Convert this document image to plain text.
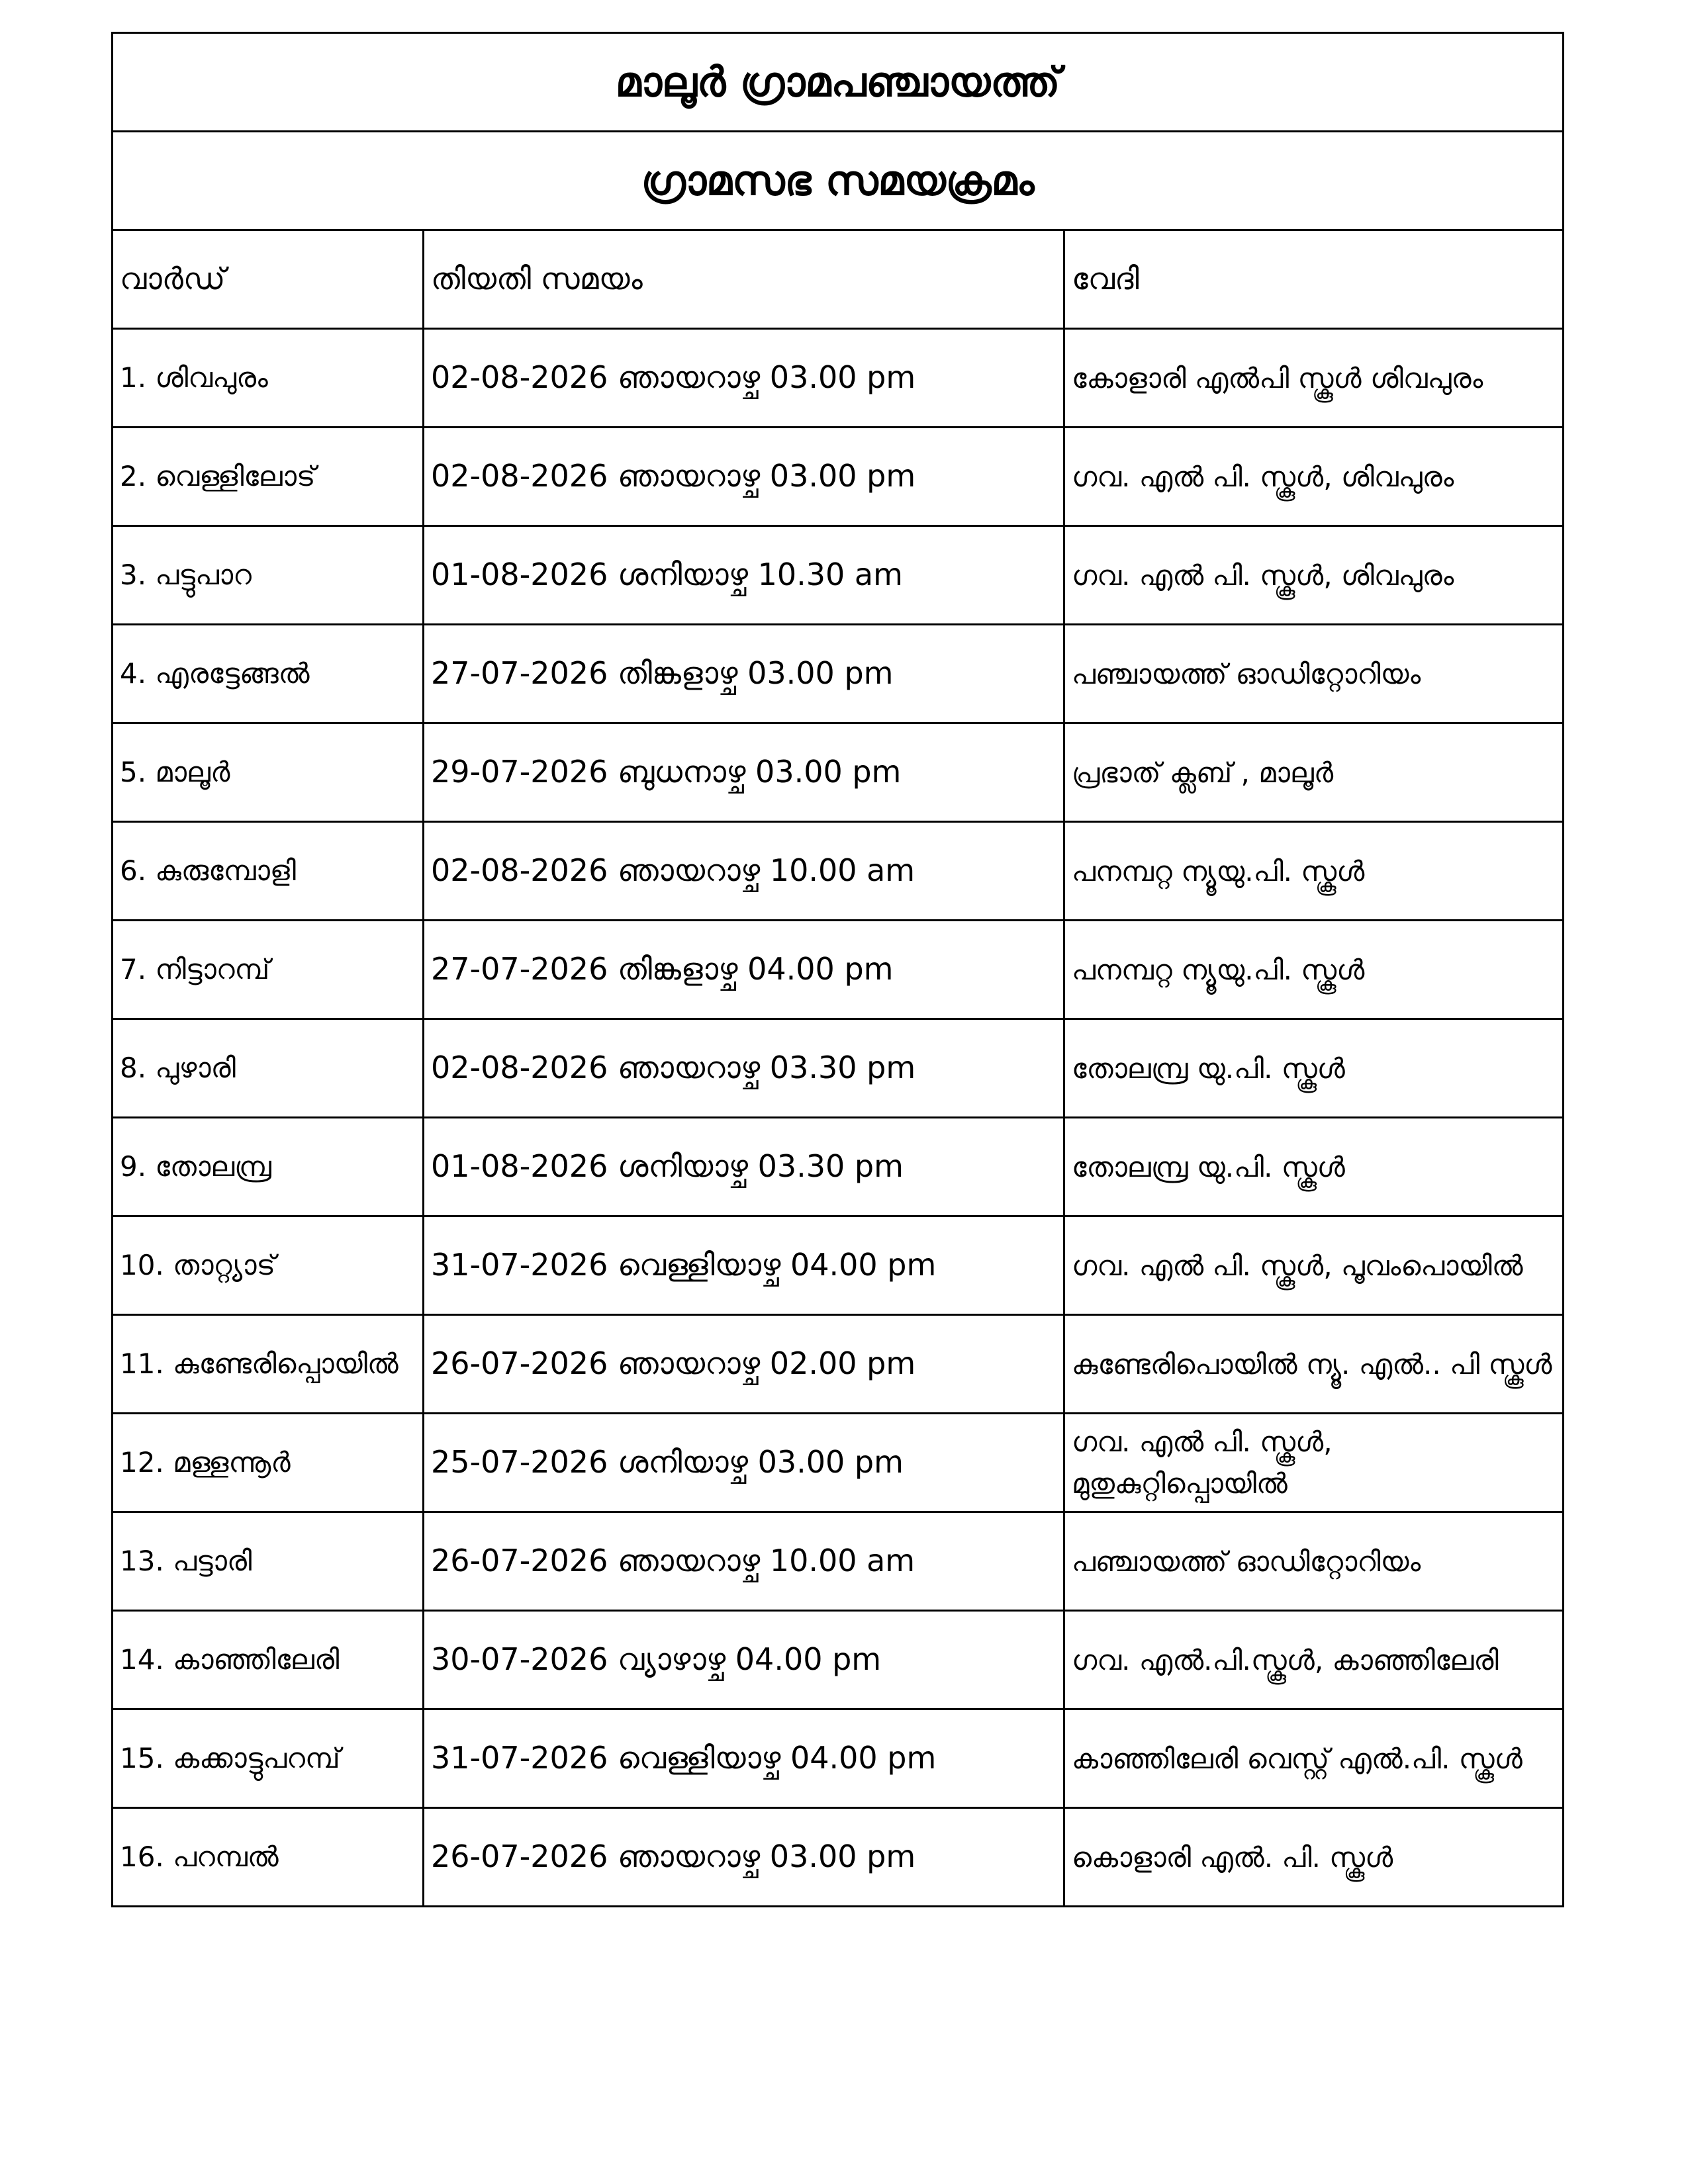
മാലൂർ ഗ്രാമപഞ്ചായത്ത്		
ഗ്രാമസഭ സമയക്രമം		
വാർഡ്	തിയതി സമയം	വേദി
1. ശിവപുരം	02-08-2026 ഞായറാഴ്ച 03.00 pm	കോളാരി എൽപി സ്കൂൾ ശിവപുരം
2. വെള്ളിലോട്	02-08-2026 ഞായറാഴ്ച 03.00 pm	ഗവ. എൽ പി. സ്കൂൾ, ശിവപുരം
3. പട്ടുപാറ	01-08-2026 ശനിയാഴ്ച 10.30 am	ഗവ. എൽ പി. സ്കൂൾ, ശിവപുരം
4. എരട്ടേങ്ങൽ	27-07-2026 തിങ്കളാഴ്ച 03.00 pm	പഞ്ചായത്ത് ഓഡിറ്റോറിയം
5. മാലൂർ	29-07-2026 ബുധനാഴ്ച 03.00 pm	പ്രഭാത് ക്ലബ് , മാലൂർ
6. കുരുമ്പോളി	02-08-2026 ഞായറാഴ്ച 10.00 am	പനമ്പറ്റ ന്യൂയു.പി. സ്കൂൾ
7. നിട്ടാറമ്പ്	27-07-2026 തിങ്കളാഴ്ച 04.00 pm	പനമ്പറ്റ ന്യൂയു.പി. സ്കൂൾ
8. പുഴാരി	02-08-2026 ഞായറാഴ്ച 03.30 pm	തോലമ്പ്ര യു.പി. സ്കൂൾ
9. തോലമ്പ്ര	01-08-2026 ശനിയാഴ്ച 03.30 pm	തോലമ്പ്ര യു.പി. സ്കൂൾ
10. താറ്റ്യാട്	31-07-2026 വെള്ളിയാഴ്ച 04.00 pm	ഗവ. എൽ പി. സ്കൂൾ, പൂവംപൊയിൽ
11. കുണ്ടേരിപ്പൊയിൽ	26-07-2026 ഞായറാഴ്ച 02.00 pm	കുണ്ടേരിപൊയിൽ ന്യൂ. എൽ.. പി സ്കൂൾ
12. മള്ളന്നൂർ	25-07-2026 ശനിയാഴ്ച 03.00 pm	ഗവ. എൽ പി. സ്കൂൾ, മുതുകുറ്റിപ്പൊയിൽ
13. പട്ടാരി	26-07-2026 ഞായറാഴ്ച 10.00 am	പഞ്ചായത്ത് ഓഡിറ്റോറിയം
14. കാഞ്ഞിലേരി	30-07-2026 വ്യാഴാഴ്ച 04.00 pm	ഗവ. എൽ.പി.സ്കൂൾ, കാഞ്ഞിലേരി
15. കക്കാട്ടുപറമ്പ്	31-07-2026 വെള്ളിയാഴ്ച 04.00 pm	കാഞ്ഞിലേരി വെസ്റ്റ് എൽ.പി. സ്കൂൾ
16. പറമ്പൽ	26-07-2026 ഞായറാഴ്ച 03.00 pm	കൊളാരി എൽ. പി. സ്കൂൾ
